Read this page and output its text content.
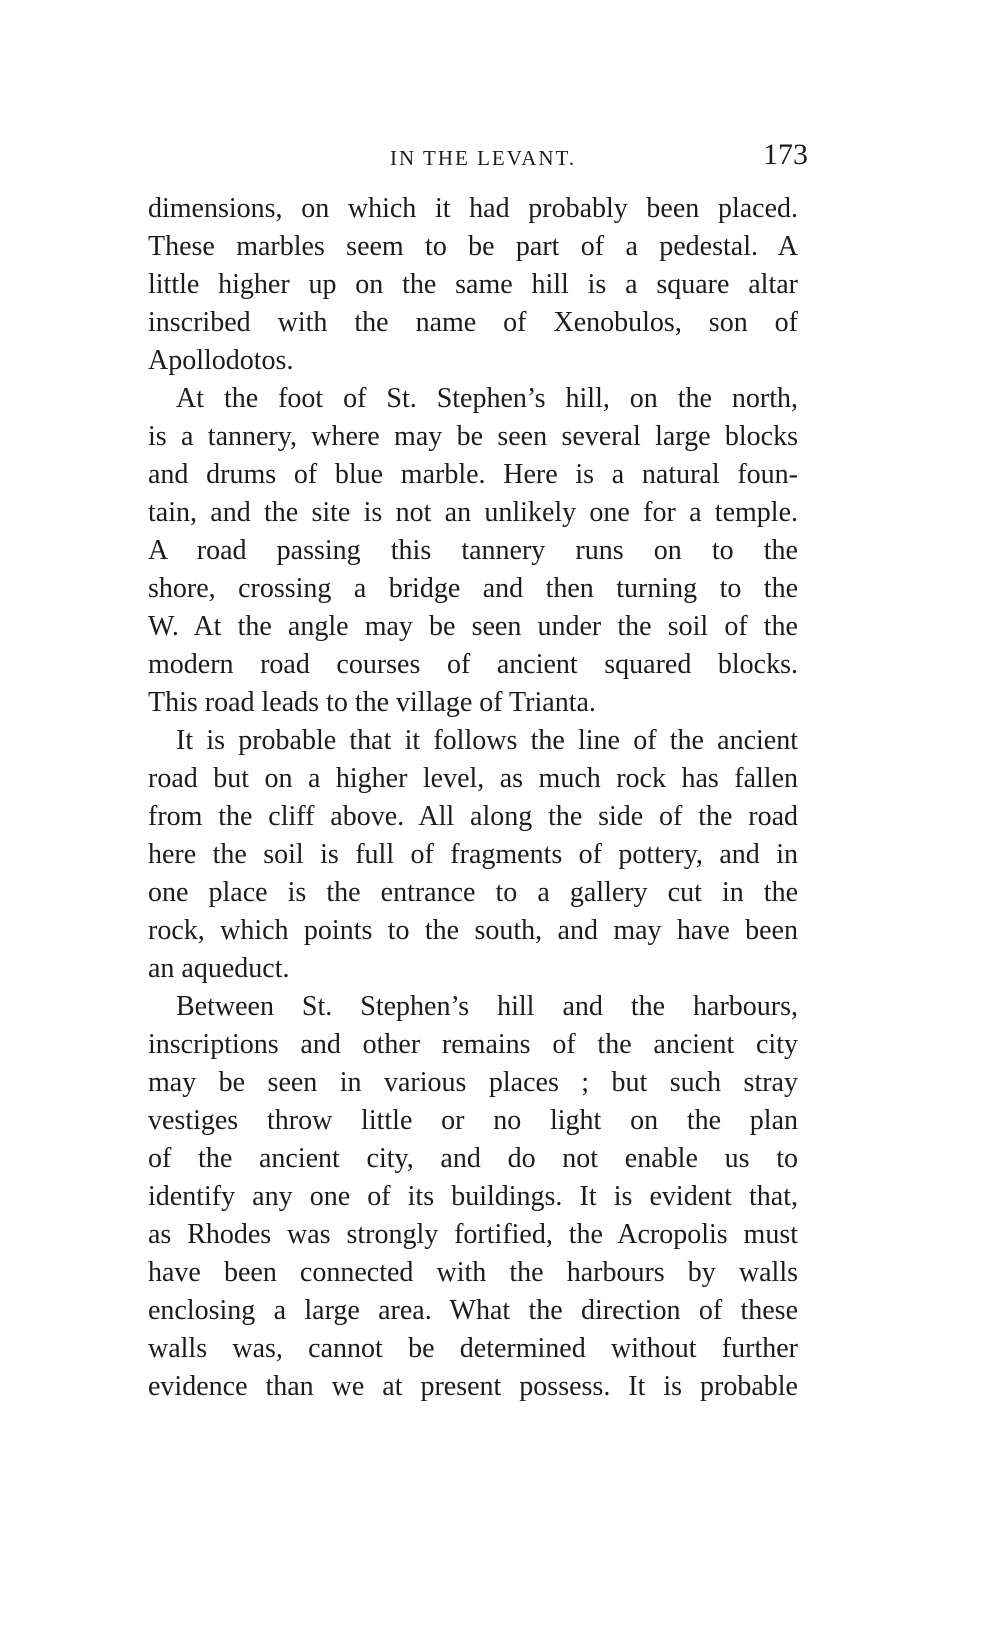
IN THE LEVANT.	173
dimensions, on which it had probably been placed.
These marbles seem to be part of a pedestal. A
little higher up on the same hill is a square altar
inscribed with the name of Xenobulos, son of
Apollodotos.
At the foot of St. Stephen’s hill, on the north,
is a tannery, where may be seen several large blocks
and drums of blue marble. Here is a natural foun-
tain, and the site is not an unlikely one for a temple.
A road passing this tannery runs on to the
shore, crossing a bridge and then turning to the
W. At the angle may be seen under the soil of the
modern road courses of ancient squared blocks.
This road leads to the village of Trianta.
It is probable that it follows the line of the ancient
road but on a higher level, as much rock has fallen
from the cliff above. All along the side of the road
here the soil is full of fragments of pottery, and in
one place is the entrance to a gallery cut in the
rock, which points to the south, and may have been
an aqueduct.
Between St. Stephen’s hill and the harbours,
inscriptions and other remains of the ancient city
may be seen in various places ; but such stray
vestiges throw little or no light on the plan
of the ancient city, and do not enable us to
identify any one of its buildings. It is evident that,
as Rhodes was strongly fortified, the Acropolis must
have been connected with the harbours by walls
enclosing a large area. What the direction of these
walls was, cannot be determined without further
evidence than we at present possess. It is probable
